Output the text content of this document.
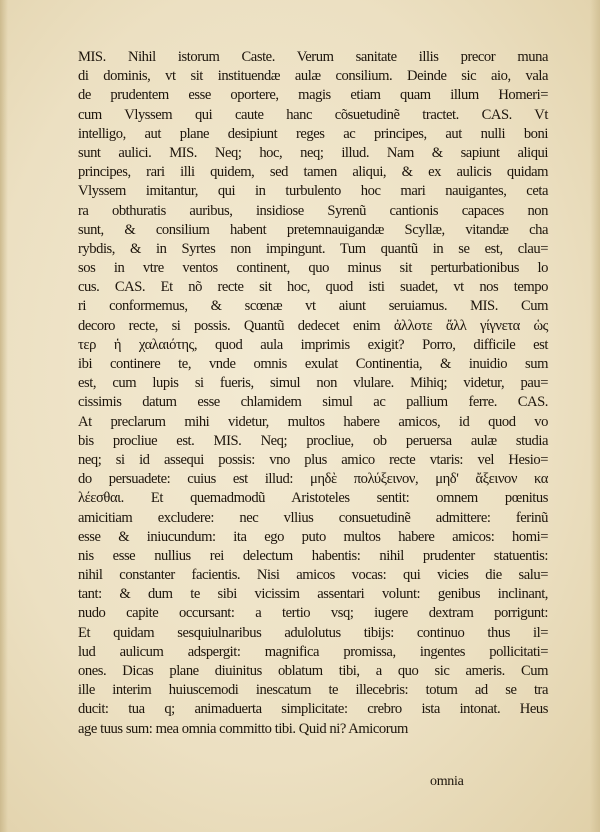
MIS. Nihil istorum Caste. Verum sanitate illis precor muna
di dominis, vt sit instituendæ aulæ consilium. Deinde sic aio, vala
de prudentem esse oportere, magis etiam quam illum Homeri=
cum Vlyssem qui caute hanc cõsuetudinẽ tractet. CAS. Vt
intelligo, aut plane desipiunt reges ac principes, aut nulli boni
sunt aulici. MIS. Neq; hoc, neq; illud. Nam & sapiunt aliqui
principes, rari illi quidem, sed tamen aliqui, & ex aulicis quidam
Vlyssem imitantur, qui in turbulento hoc mari nauigantes, ceta
ra obthuratis auribus, insidiose Syrenũ cantionis capaces non
sunt, & consilium habent pretemnauigandæ Scyllæ, vitandæ cha
rybdis, & in Syrtes non impingunt. Tum quantũ in se est, clau=
sos in vtre ventos continent, quo minus sit perturbationibus lo
cus. CAS. Et nõ recte sit hoc, quod isti suadet, vt nos tempo
ri conformemus, & scœnæ vt aiunt seruiamus. MIS. Cum
decoro recte, si possis. Quantũ dedecet enim ἀλλοτε ἄλλ γίγνετα ὡς
τερ ἡ χαλαιότης, quod aula imprimis exigit? Porro, difficile est
ibi continere te, vnde omnis exulat Continentia, & inuidio sum
est, cum lupis si fueris, simul non vlulare. Mihiq; videtur, pau=
cissimis datum esse chlamidem simul ac pallium ferre. CAS.
At preclarum mihi videtur, multos habere amicos, id quod vo
bis procliue est. MIS. Neq; procliue, ob peruersa aulæ studia
neq; si id assequi possis: vno plus amico recte vtaris: vel Hesio=
do persuadete: cuius est illud: μηδὲ πολύξεινον, μηδ' ἄξεινον κα
λέεσθαι. Et quemadmodũ Aristoteles sentit: omnem pœnitus
amicitiam excludere: nec vllius consuetudinẽ admittere: ferinũ
esse & iniucundum: ita ego puto multos habere amicos: homi=
nis esse nullius rei delectum habentis: nihil prudenter statuentis:
nihil constanter facientis. Nisi amicos vocas: qui vicies die salu=
tant: & dum te sibi vicissim assentari volunt: genibus inclinant,
nudo capite occursant: a tertio vsq; iugere dextram porrigunt:
Et quidam sesquiulnaribus adulolutus tibijs: continuo thus il=
lud aulicum adspergit: magnifica promissa, ingentes pollicitati=
ones. Dicas plane diuinitus oblatum tibi, a quo sic ameris. Cum
ille interim huiuscemodi inescatum te illecebris: totum ad se tra
ducit: tua q; animaduerta simplicitate: crebro ista intonat. Heus
age tuus sum: mea omnia committo tibi. Quid ni? Amicorum
omnia
